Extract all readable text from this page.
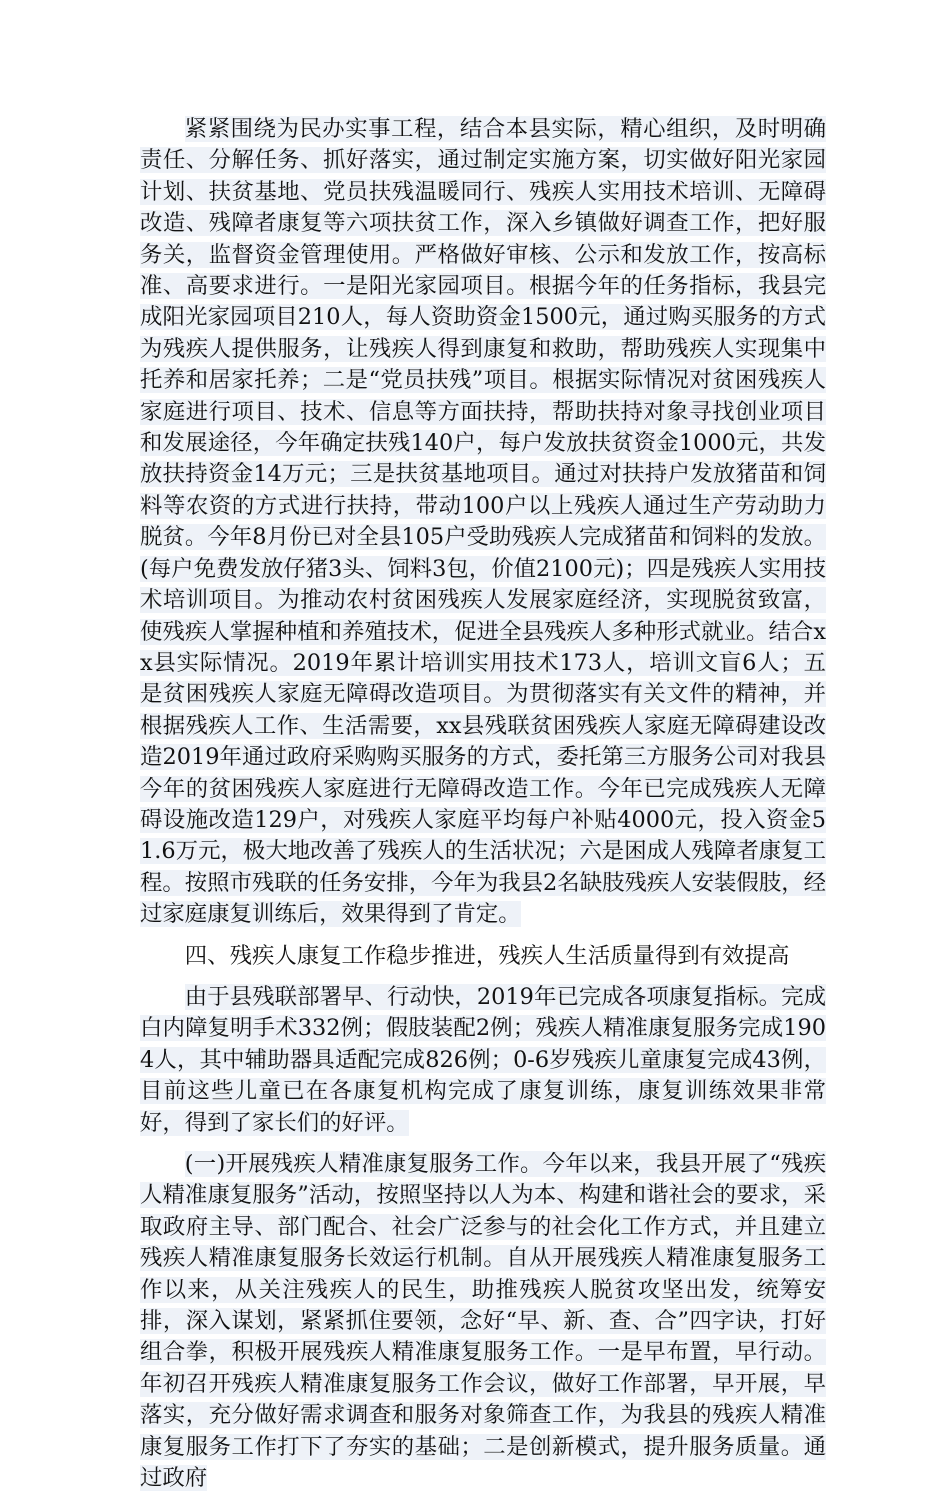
紧紧围绕为民办实事工程，结合本县实际，精心组织，及时明确责任、分解任务、抓好落实，通过制定实施方案，切实做好阳光家园计划、扶贫基地、党员扶残温暖同行、残疾人实用技术培训、无障碍改造、残障者康复等六项扶贫工作，深入乡镇做好调查工作，把好服务关，监督资金管理使用。严格做好审核、公示和发放工作，按高标准、高要求进行。一是阳光家园项目。根据今年的任务指标，我县完成阳光家园项目210人，每人资助资金1500元，通过购买服务的方式为残疾人提供服务，让残疾人得到康复和救助，帮助残疾人实现集中托养和居家托养；二是“党员扶残”项目。根据实际情况对贫困残疾人家庭进行项目、技术、信息等方面扶持，帮助扶持对象寻找创业项目和发展途径，今年确定扶残140户，每户发放扶贫资金1000元，共发放扶持资金14万元；三是扶贫基地项目。通过对扶持户发放猪苗和饲料等农资的方式进行扶持，带动100户以上残疾人通过生产劳动助力脱贫。今年8月份已对全县105户受助残疾人完成猪苗和饲料的发放。(每户免费发放仔猪3头、饲料3包，价值2100元)；四是残疾人实用技术培训项目。为推动农村贫困残疾人发展家庭经济，实现脱贫致富，使残疾人掌握种植和养殖技术，促进全县残疾人多种形式就业。结合xx县实际情况。2019年累计培训实用技术173人，培训文盲6人；五是贫困残疾人家庭无障碍改造项目。为贯彻落实有关文件的精神，并根据残疾人工作、生活需要，xx县残联贫困残疾人家庭无障碍建设改造2019年通过政府采购购买服务的方式，委托第三方服务公司对我县今年的贫困残疾人家庭进行无障碍改造工作。今年已完成残疾人无障碍设施改造129户，对残疾人家庭平均每户补贴4000元，投入资金51.6万元，极大地改善了残疾人的生活状况；六是困成人残障者康复工程。按照市残联的任务安排，今年为我县2名缺肢残疾人安装假肢，经过家庭康复训练后，效果得到了肯定。

四、残疾人康复工作稳步推进，残疾人生活质量得到有效提高

由于县残联部署早、行动快，2019年已完成各项康复指标。完成白内障复明手术332例；假肢装配2例；残疾人精准康复服务完成1904人，其中辅助器具适配完成826例；0-6岁残疾儿童康复完成43例，目前这些儿童已在各康复机构完成了康复训练，康复训练效果非常好，得到了家长们的好评。

(一)开展残疾人精准康复服务工作。今年以来，我县开展了“残疾人精准康复服务”活动，按照坚持以人为本、构建和谐社会的要求，采取政府主导、部门配合、社会广泛参与的社会化工作方式，并且建立残疾人精准康复服务长效运行机制。自从开展残疾人精准康复服务工作以来，从关注残疾人的民生，助推残疾人脱贫攻坚出发，统筹安排，深入谋划，紧紧抓住要领，念好“早、新、查、合”四字诀，打好组合拳，积极开展残疾人精准康复服务工作。一是早布置，早行动。年初召开残疾人精准康复服务工作会议，做好工作部署，早开展，早落实，充分做好需求调查和服务对象筛查工作，为我县的残疾人精准康复服务工作打下了夯实的基础；二是创新模式，提升服务质量。通过政府
